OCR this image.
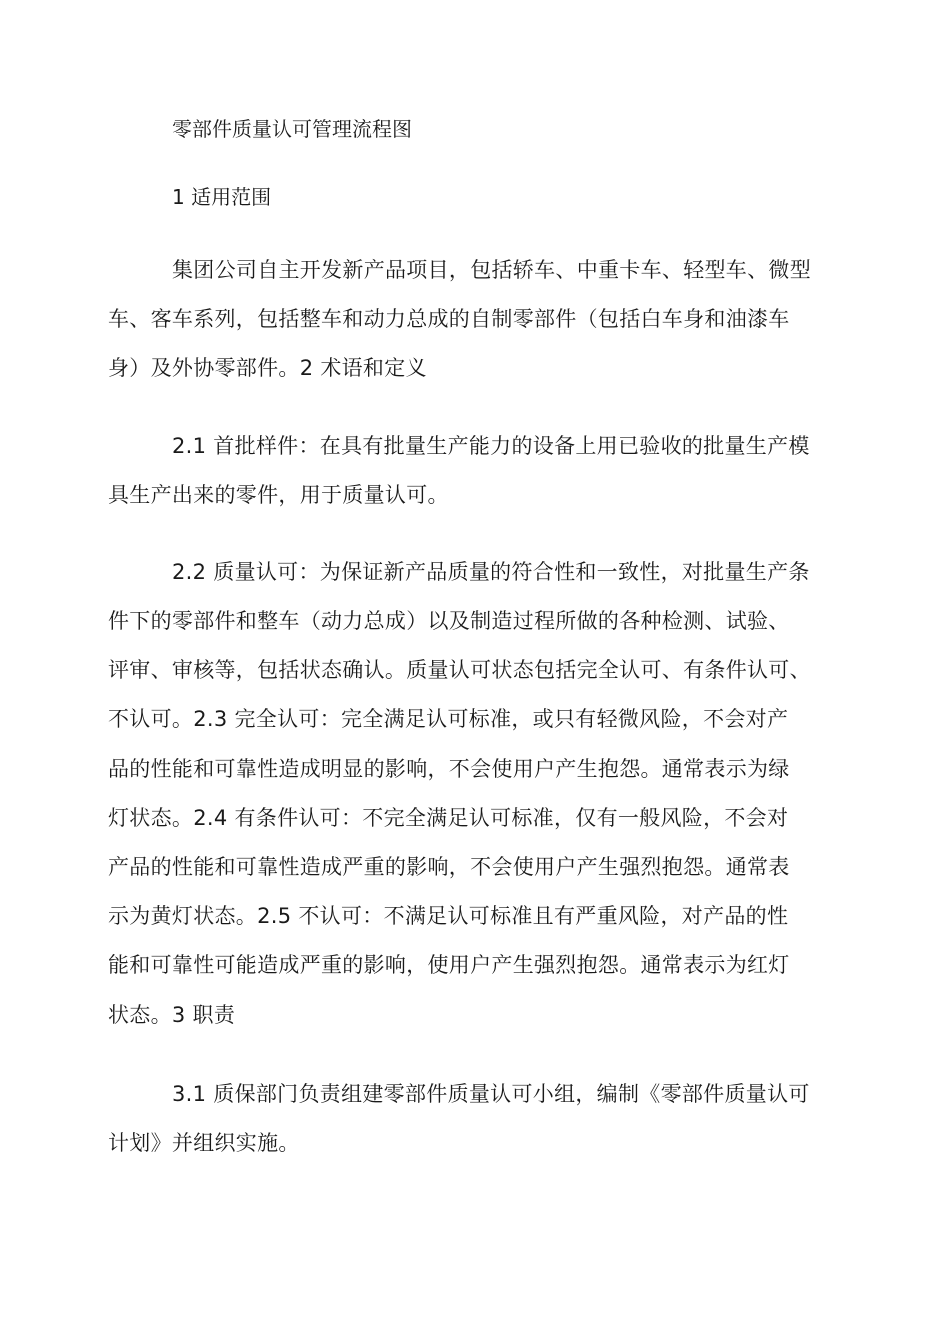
零部件质量认可管理流程图
1 适用范围
集团公司自主开发新产品项目，包括轿车、中重卡车、轻型车、微型
车、客车系列，包括整车和动力总成的自制零部件（包括白车身和油漆车
身）及外协零部件。2 术语和定义
2.1 首批样件：在具有批量生产能力的设备上用已验收的批量生产模
具生产出来的零件，用于质量认可。
2.2 质量认可：为保证新产品质量的符合性和一致性，对批量生产条
件下的零部件和整车（动力总成）以及制造过程所做的各种检测、试验、
评审、审核等，包括状态确认。质量认可状态包括完全认可、有条件认可、
不认可。2.3 完全认可：完全满足认可标准，或只有轻微风险，不会对产
品的性能和可靠性造成明显的影响，不会使用户产生抱怨。通常表示为绿
灯状态。2.4 有条件认可：不完全满足认可标准，仅有一般风险，不会对
产品的性能和可靠性造成严重的影响，不会使用户产生强烈抱怨。通常表
示为黄灯状态。2.5 不认可：不满足认可标准且有严重风险，对产品的性
能和可靠性可能造成严重的影响，使用户产生强烈抱怨。通常表示为红灯
状态。3 职责
3.1 质保部门负责组建零部件质量认可小组，编制《零部件质量认可
计划》并组织实施。
